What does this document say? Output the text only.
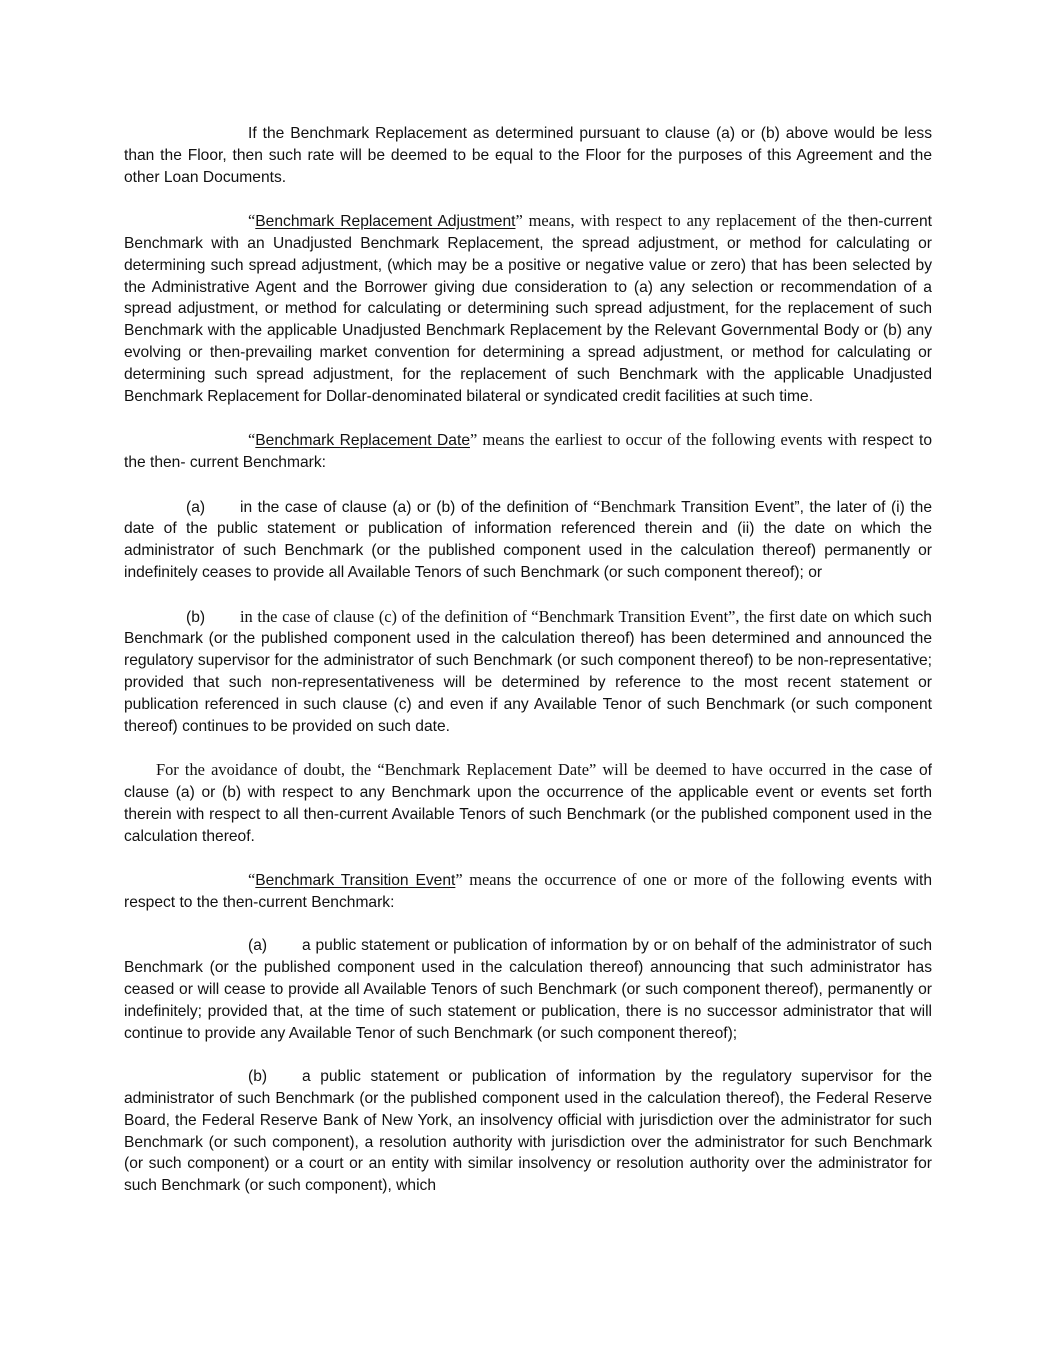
If the Benchmark Replacement as determined pursuant to clause (a) or (b) above would be less than the Floor, then such rate will be deemed to be equal to the Floor for the purposes of this Agreement and the other Loan Documents.

“Benchmark Replacement Adjustment” means, with respect to any replacement of the then-current Benchmark with an Unadjusted Benchmark Replacement, the spread adjustment, or method for calculating or determining such spread adjustment, (which may be a positive or negative value or zero) that has been selected by the Administrative Agent and the Borrower giving due consideration to (a) any selection or recommendation of a spread adjustment, or method for calculating or determining such spread adjustment, for the replacement of such Benchmark with the applicable Unadjusted Benchmark Replacement by the Relevant Governmental Body or (b) any evolving or then-prevailing market convention for determining a spread adjustment, or method for calculating or determining such spread adjustment, for the replacement of such Benchmark with the applicable Unadjusted Benchmark Replacement for Dollar-denominated bilateral or syndicated credit facilities at such time.

“Benchmark Replacement Date” means the earliest to occur of the following events with respect to the then- current Benchmark:

(a) in the case of clause (a) or (b) of the definition of “Benchmark Transition Event”, the later of (i) the date of the public statement or publication of information referenced therein and (ii) the date on which the administrator of such Benchmark (or the published component used in the calculation thereof) permanently or indefinitely ceases to provide all Available Tenors of such Benchmark (or such component thereof); or

(b) in the case of clause (c) of the definition of “Benchmark Transition Event”, the first date on which such Benchmark (or the published component used in the calculation thereof) has been determined and announced the regulatory supervisor for the administrator of such Benchmark (or such component thereof) to be non-representative; provided that such non-representativeness will be determined by reference to the most recent statement or publication referenced in such clause (c) and even if any Available Tenor of such Benchmark (or such component thereof) continues to be provided on such date.

For the avoidance of doubt, the “Benchmark Replacement Date” will be deemed to have occurred in the case of clause (a) or (b) with respect to any Benchmark upon the occurrence of the applicable event or events set forth therein with respect to all then-current Available Tenors of such Benchmark (or the published component used in the calculation thereof.

“Benchmark Transition Event” means the occurrence of one or more of the following events with respect to the then-current Benchmark:

(a) a public statement or publication of information by or on behalf of the administrator of such Benchmark (or the published component used in the calculation thereof) announcing that such administrator has ceased or will cease to provide all Available Tenors of such Benchmark (or such component thereof), permanently or indefinitely; provided that, at the time of such statement or publication, there is no successor administrator that will continue to provide any Available Tenor of such Benchmark (or such component thereof);

(b) a public statement or publication of information by the regulatory supervisor for the administrator of such Benchmark (or the published component used in the calculation thereof), the Federal Reserve Board, the Federal Reserve Bank of New York, an insolvency official with jurisdiction over the administrator for such Benchmark (or such component), a resolution authority with jurisdiction over the administrator for such Benchmark (or such component) or a court or an entity with similar insolvency or resolution authority over the administrator for such Benchmark (or such component), which
